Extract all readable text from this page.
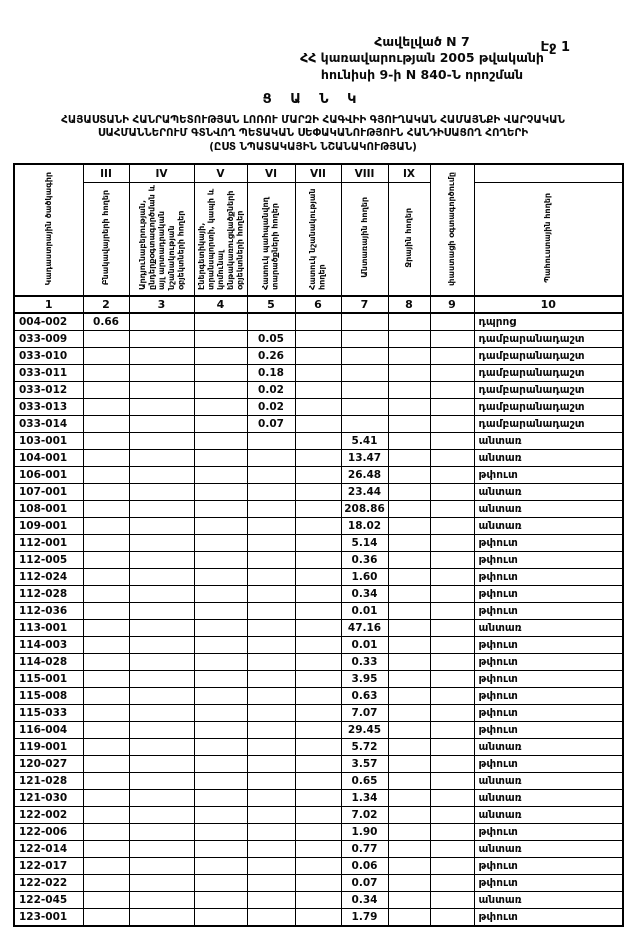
Էջ 1
Հավելված N 7
ՀՀ կառավարության 2005 թվականի
հունիսի 9-ի N 840-Ն որոշման
Ց Ա Ն Կ
ՀԱՅԱՍՏԱՆԻ ՀԱՆՐԱՊԵՏՈՒԹՅԱՆ ԼՈՌՈՒ ՄԱՐԶԻ ՀԱԳՎԻԻ ԳՅՈՒՂԱԿԱՆ ՀԱՄԱՅՆՔԻ ՎԱՐՉԱԿԱՆ
ՍԱՀՄԱՆՆԵՐՈՒՄ ԳՏՆՎՈՂ ՊԵՏԱԿԱՆ ՍԵՓԱԿԱՆՈՒԹՅՈՒՆ ՀԱՆԴԻՍԱՑՈՂ ՀՈՂԵՐԻ
(ԸՍՏ ՆՊԱՏԱԿԱՅԻՆ ՆՇԱՆԱԿՈՒԹՅԱՆ)
Կադաստրային ծածկագիր	III	IV	V	VI	VII	VIII	IX	փաստացի օգտագործումը	
	Բնակավայրերի հողեր	Արդյունաբերության, ընդերքօգտագործման և այլ արտադրական նշանակության օբյեկտների հողեր	Էներգետիկայի, տրանսպորտի, կապի և կոմունալ ենթակառուցվածքների օբյեկտների հողեր	Հատուկ պահպանվող տարածքների հողեր	Հատուկ նշանակության հողեր	Անտառային հողեր	Ջրային հողեր		Պահուստային հողեր
1	2	3	4	5	6	7	8	9	10
004-002	0.66								դպրոց
033-009				0.05					դամբարանադաշտ
033-010				0.26					դամբարանադաշտ
033-011				0.18					դամբարանադաշտ
033-012				0.02					դամբարանադաշտ
033-013				0.02					դամբարանադաշտ
033-014				0.07					դամբարանադաշտ
103-001						5.41			անտառ
104-001						13.47			անտառ
106-001						26.48			թփուտ
107-001						23.44			անտառ
108-001						208.86			անտառ
109-001						18.02			անտառ
112-001						5.14			թփուտ
112-005						0.36			թփուտ
112-024						1.60			թփուտ
112-028						0.34			թփուտ
112-036						0.01			թփուտ
113-001						47.16			անտառ
114-003						0.01			թփուտ
114-028						0.33			թփուտ
115-001						3.95			թփուտ
115-008						0.63			թփուտ
115-033						7.07			թփուտ
116-004						29.45			թփուտ
119-001						5.72			անտառ
120-027						3.57			թփուտ
121-028						0.65			անտառ
121-030						1.34			անտառ
122-002						7.02			անտառ
122-006						1.90			թփուտ
122-014						0.77			անտառ
122-017						0.06			թփուտ
122-022						0.07			թփուտ
122-045						0.34			անտառ
123-001						1.79			թփուտ
